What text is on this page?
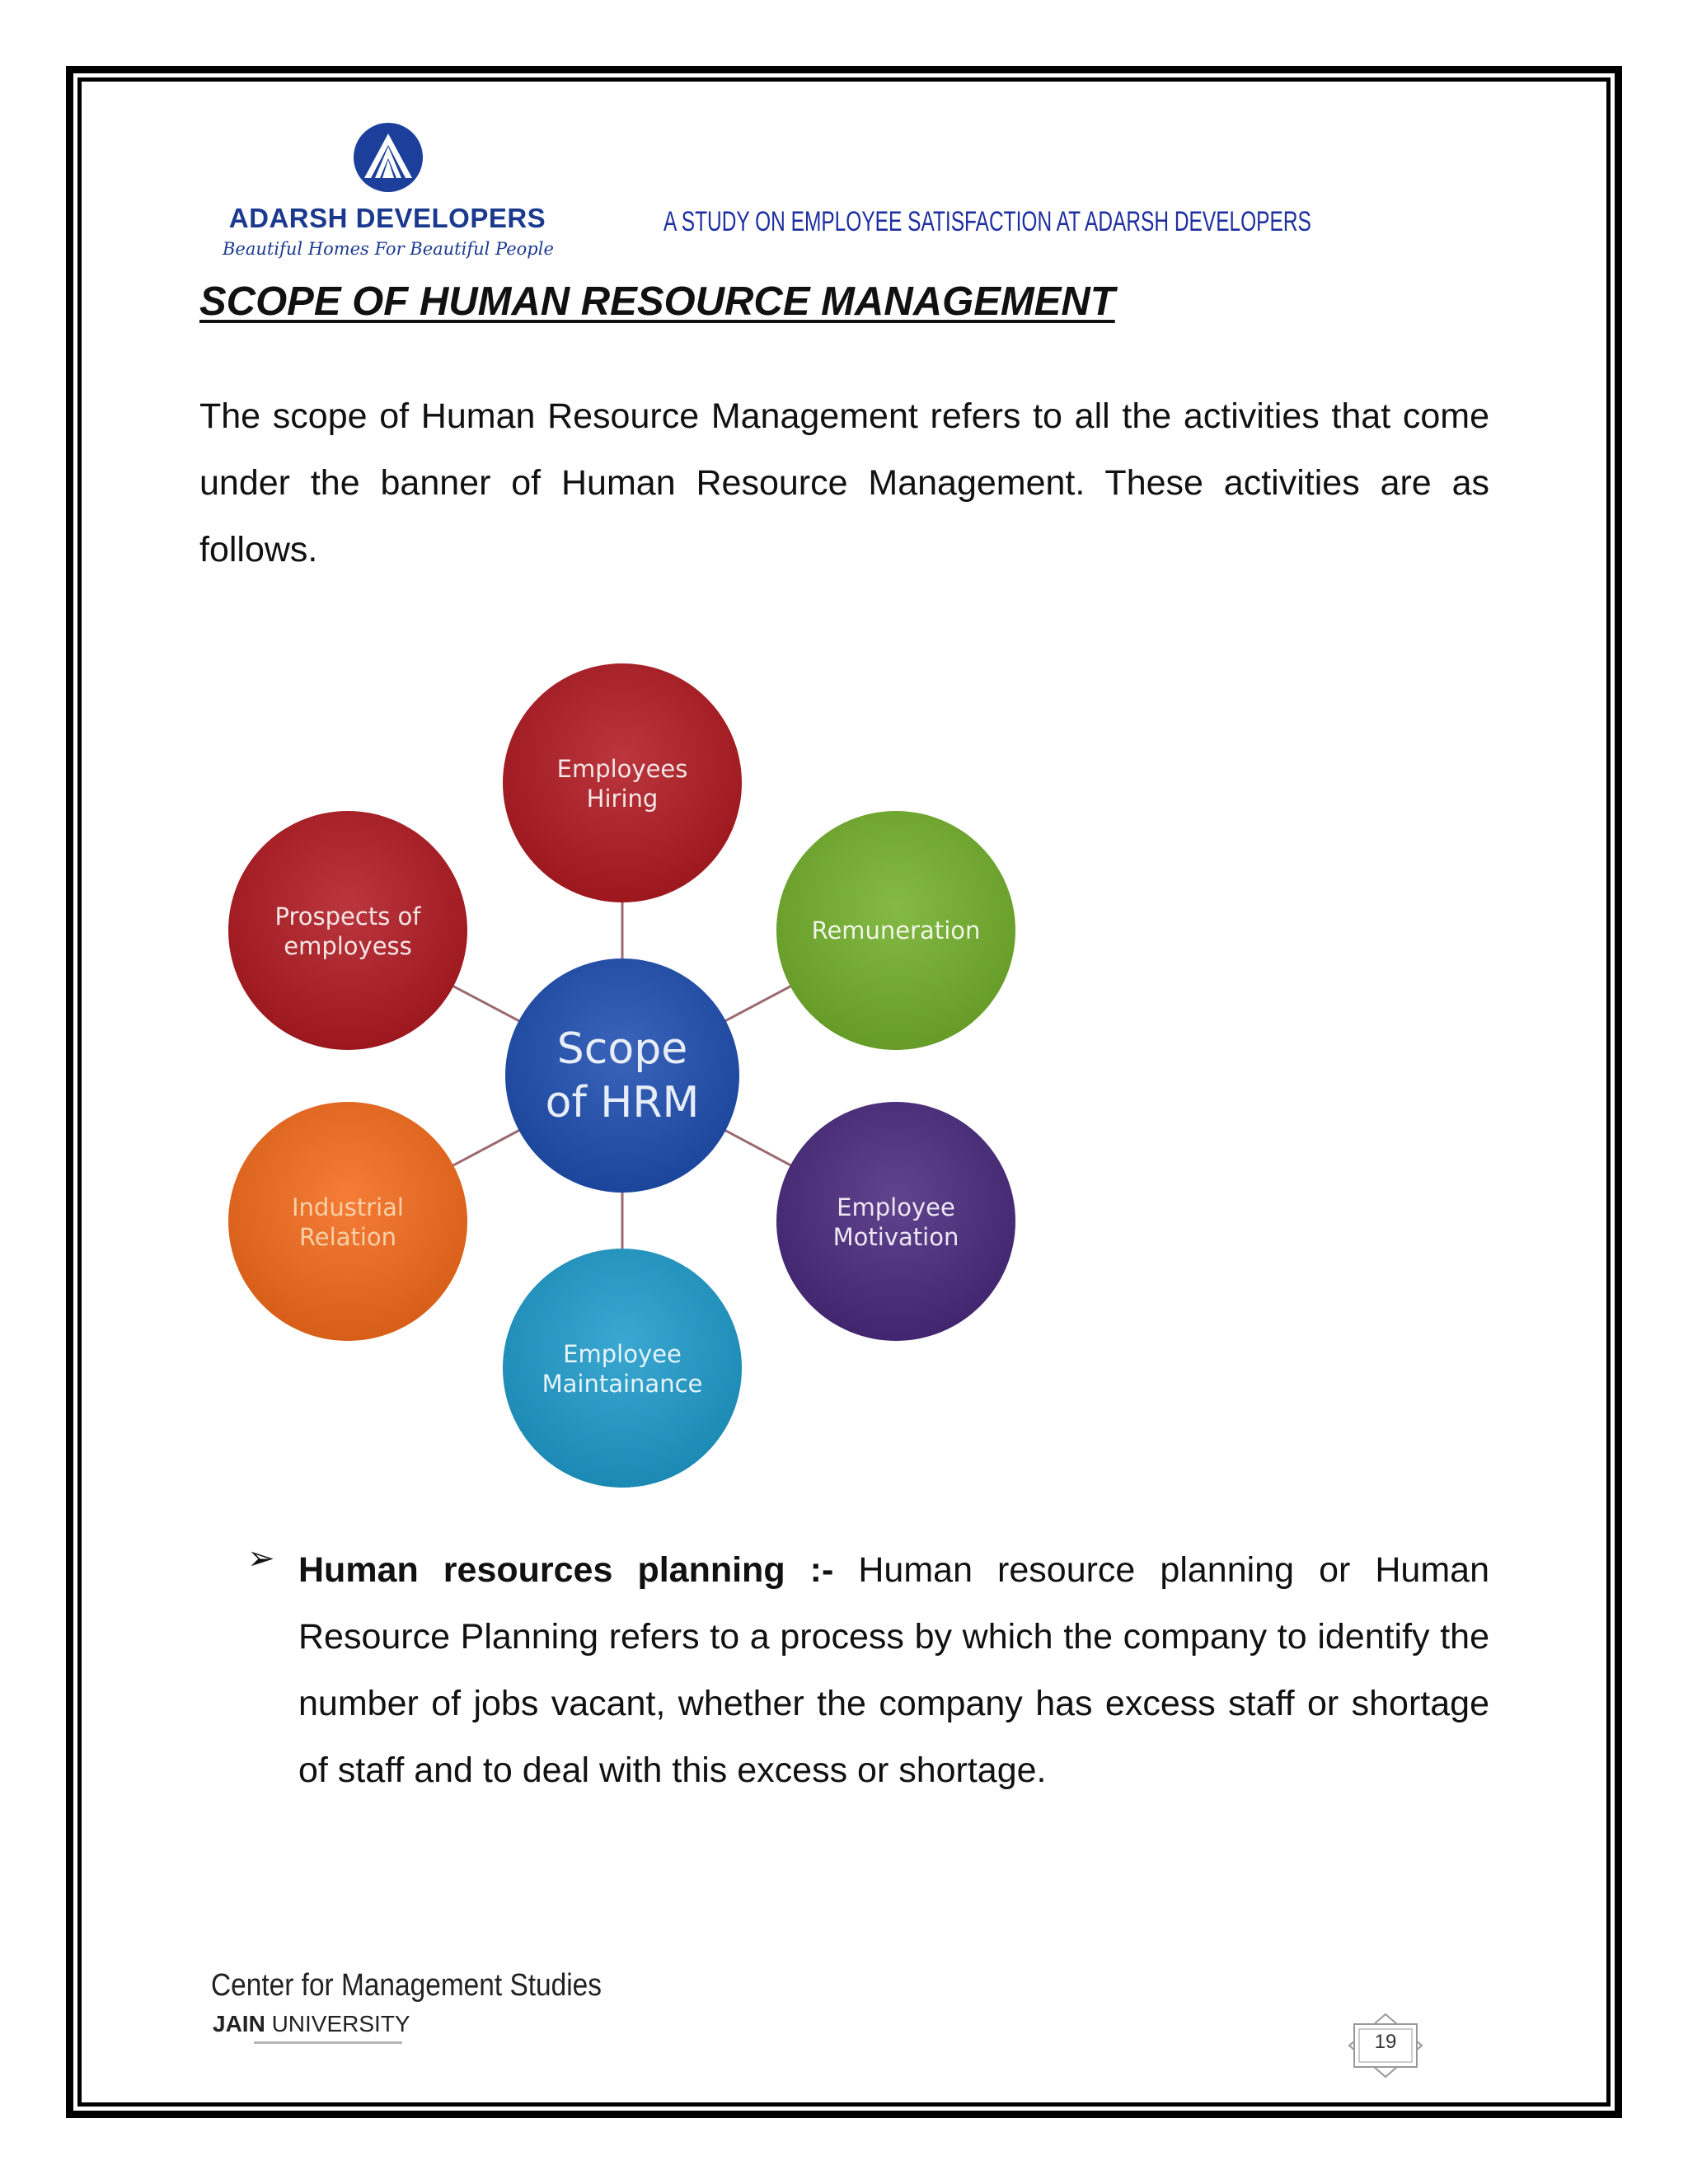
ADARSH DEVELOPERS
Beautiful Homes For Beautiful People
A STUDY ON EMPLOYEE SATISFACTION AT ADARSH DEVELOPERS
SCOPE OF HUMAN RESOURCE MANAGEMENT

The scope of Human Resource Management refers to all the activities that come under the banner of Human Resource Management. These activities are as follows.

Employees
Hiring
Remuneration
Employee
Motivation
Employee
Maintainance
Industrial
Relation
Prospects of
employess
Scope
of HRM
➢ Human resources planning :- Human resource planning or Human Resource Planning refers to a process by which the company to identify the number of jobs vacant, whether the company has excess staff or shortage of staff and to deal with this excess or shortage.

Center for Management Studies
JAIN UNIVERSITY
19
